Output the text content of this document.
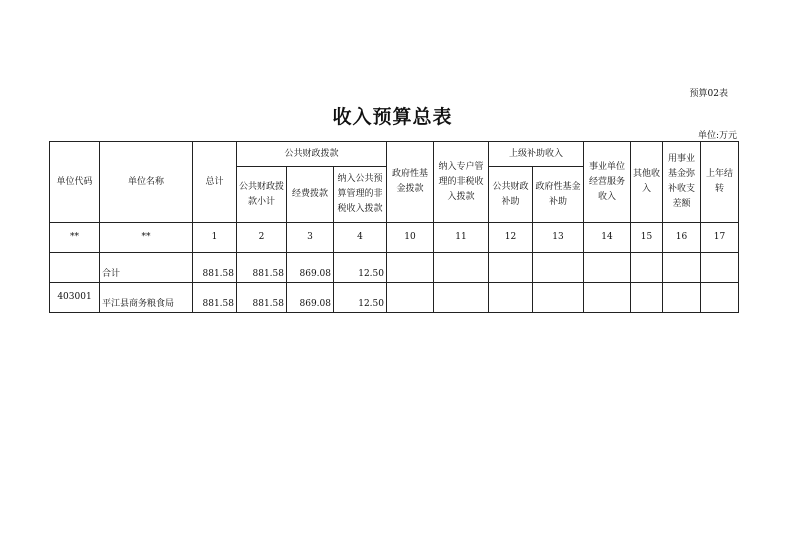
预算02表
收入预算总表
单位:万元
单位代码	单位名称	总计	公共财政拨款			政府性基金拨款	纳入专户管理的非税收入拨款	上级补助收入		事业单位经营服务收入	其他收入	用事业基金弥补收支差额	上年结转
			公共财政拨款小计	经费拨款	纳入公共预算管理的非税收入拨款			公共财政补助	政府性基金补助				
**	**	1	2	3	4	10	11	12	13	14	15	16	17
	合计	881.58	881.58	869.08	12.50								
403001	平江县商务粮食局	881.58	881.58	869.08	12.50								
